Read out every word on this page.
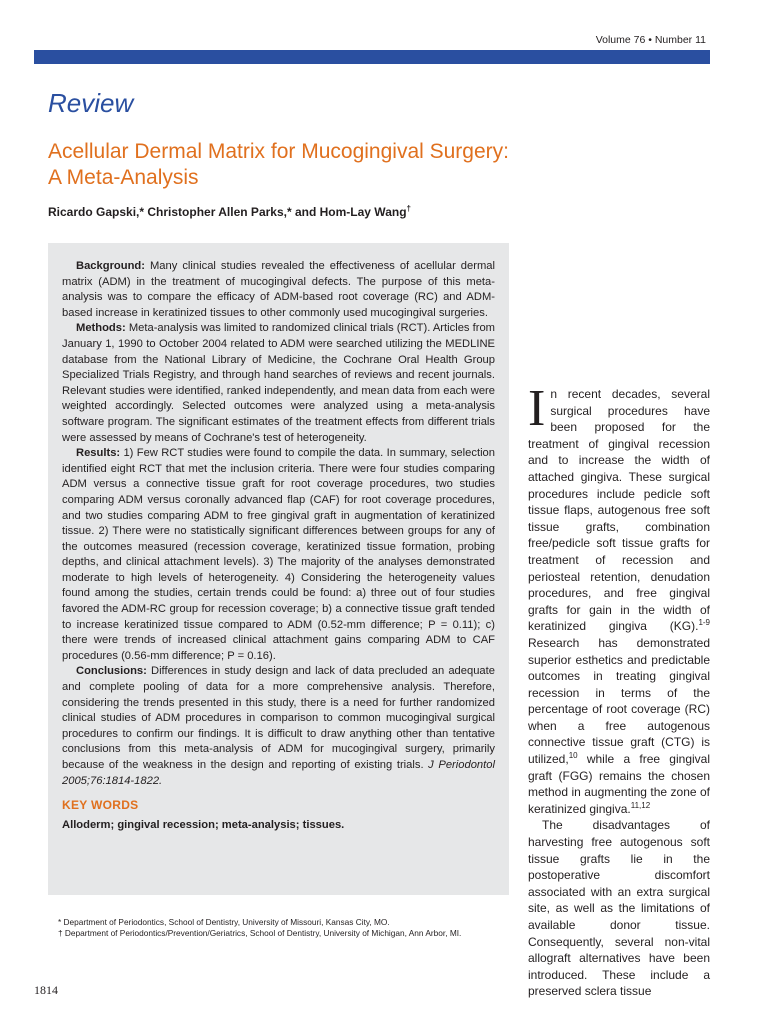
Volume 76 • Number 11
Review
Acellular Dermal Matrix for Mucogingival Surgery:
A Meta-Analysis
Ricardo Gapski,* Christopher Allen Parks,* and Hom-Lay Wang†

Background: Many clinical studies revealed the effectiveness of acellular dermal matrix (ADM) in the treatment of mucogingival defects. The purpose of this meta-analysis was to compare the efficacy of ADM-based root coverage (RC) and ADM-based increase in keratinized tissues to other commonly used mucogingival surgeries.

Methods: Meta-analysis was limited to randomized clinical trials (RCT). Articles from January 1, 1990 to October 2004 related to ADM were searched utilizing the MEDLINE database from the National Library of Medicine, the Cochrane Oral Health Group Specialized Trials Registry, and through hand searches of reviews and recent journals. Relevant studies were identified, ranked independently, and mean data from each were weighted accordingly. Selected outcomes were analyzed using a meta-analysis software program. The significant estimates of the treatment effects from different trials were assessed by means of Cochrane's test of heterogeneity.

Results: 1) Few RCT studies were found to compile the data. In summary, selection identified eight RCT that met the inclusion criteria. There were four studies comparing ADM versus a connective tissue graft for root coverage procedures, two studies comparing ADM versus coronally advanced flap (CAF) for root coverage procedures, and two studies comparing ADM to free gingival graft in augmentation of keratinized tissue. 2) There were no statistically significant differences between groups for any of the outcomes measured (recession coverage, keratinized tissue formation, probing depths, and clinical attachment levels). 3) The majority of the analyses demonstrated moderate to high levels of heterogeneity. 4) Considering the heterogeneity values found among the studies, certain trends could be found: a) three out of four studies favored the ADM-RC group for recession coverage; b) a connective tissue graft tended to increase keratinized tissue compared to ADM (0.52-mm difference; P = 0.11); c) there were trends of increased clinical attachment gains comparing ADM to CAF procedures (0.56-mm difference; P = 0.16).

Conclusions: Differences in study design and lack of data precluded an adequate and complete pooling of data for a more comprehensive analysis. Therefore, considering the trends presented in this study, there is a need for further randomized clinical studies of ADM procedures in comparison to common mucogingival surgical procedures to confirm our findings. It is difficult to draw anything other than tentative conclusions from this meta-analysis of ADM for mucogingival surgery, primarily because of the weakness in the design and reporting of existing trials. J Periodontol 2005;76:1814-1822.

KEY WORDS
Alloderm; gingival recession; meta-analysis; tissues.
* Department of Periodontics, School of Dentistry, University of Missouri, Kansas City, MO.
† Department of Periodontics/Prevention/Geriatrics, School of Dentistry, University of Michigan, Ann Arbor, MI.
1814

In recent decades, several surgical procedures have been proposed for the treatment of gingival recession and to increase the width of attached gingiva. These surgical procedures include pedicle soft tissue flaps, autogenous free soft tissue grafts, combination free/pedicle soft tissue grafts for treatment of recession and periosteal retention, denudation procedures, and free gingival grafts for gain in the width of keratinized gingiva (KG).$^{1-9}$ Research has demonstrated superior esthetics and predictable outcomes in treating gingival recession in terms of the percentage of root coverage (RC) when a free autogenous connective tissue graft (CTG) is utilized,$^{10}$ while a free gingival graft (FGG) remains the chosen method in augmenting the zone of keratinized gingiva.$^{11,12}$

The disadvantages of harvesting free autogenous soft tissue grafts lie in the postoperative discomfort associated with an extra surgical site, as well as the limitations of available donor tissue. Consequently, several non-vital allograft alternatives have been introduced. These include a preserved sclera tissue
